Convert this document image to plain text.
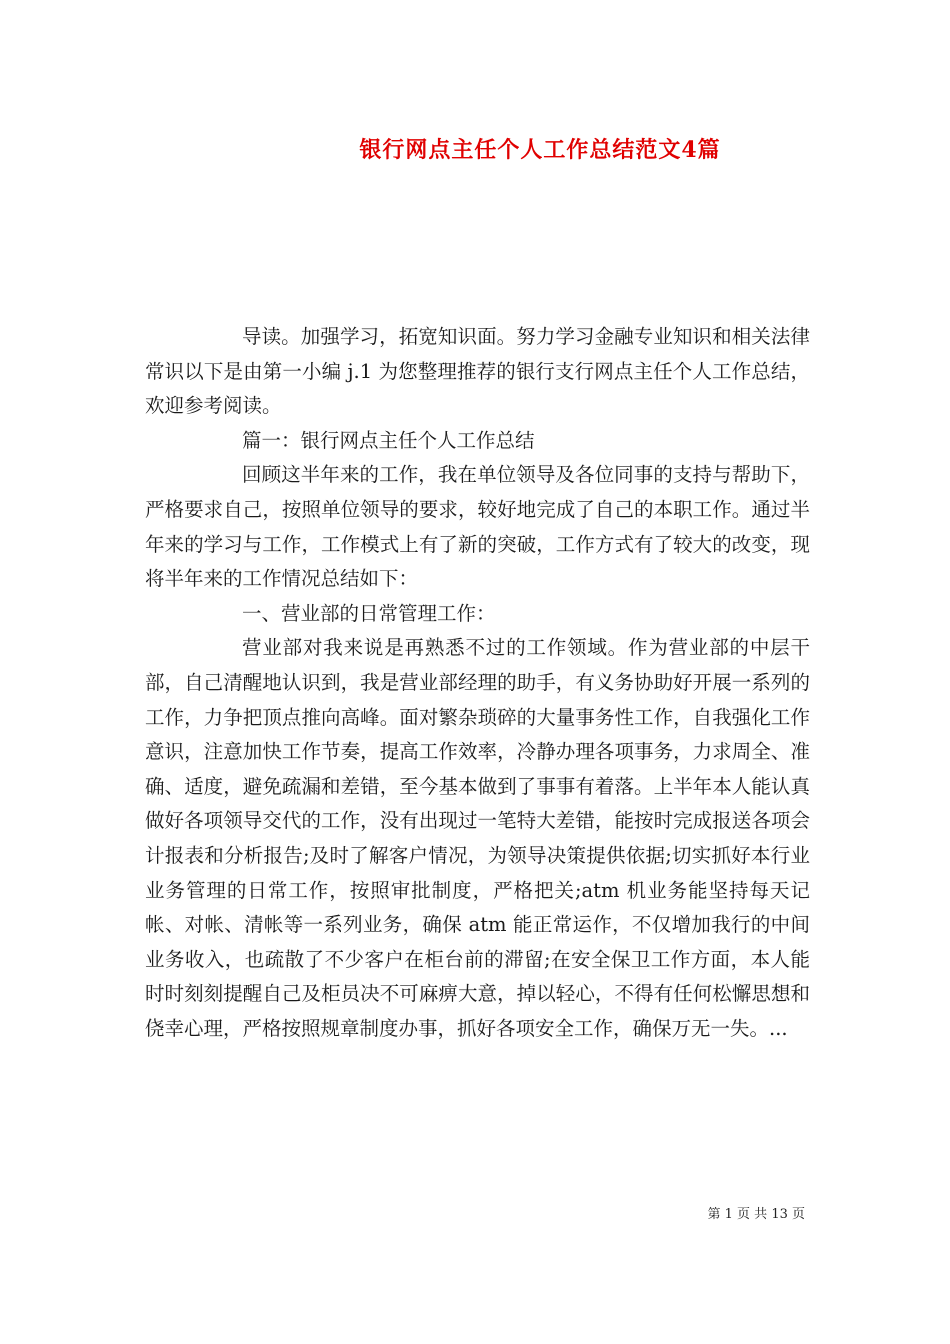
银行网点主任个人工作总结范文4篇

导读。加强学习，拓宽知识面。努力学习金融专业知识和相关法律常识以下是由第一小编 j.1 为您整理推荐的银行支行网点主任个人工作总结，欢迎参考阅读。

篇一：银行网点主任个人工作总结

回顾这半年来的工作，我在单位领导及各位同事的支持与帮助下，严格要求自己，按照单位领导的要求，较好地完成了自己的本职工作。通过半年来的学习与工作，工作模式上有了新的突破，工作方式有了较大的改变，现将半年来的工作情况总结如下：

一、营业部的日常管理工作：

营业部对我来说是再熟悉不过的工作领域。作为营业部的中层干部，自己清醒地认识到，我是营业部经理的助手，有义务协助好开展一系列的工作，力争把顶点推向高峰。面对繁杂琐碎的大量事务性工作，自我强化工作意识，注意加快工作节奏，提高工作效率，冷静办理各项事务，力求周全、准确、适度，避免疏漏和差错，至今基本做到了事事有着落。上半年本人能认真做好各项领导交代的工作，没有出现过一笔特大差错，能按时完成报送各项会计报表和分析报告;及时了解客户情况，为领导决策提供依据;切实抓好本行业业务管理的日常工作，按照审批制度，严格把关;atm 机业务能坚持每天记帐、对帐、清帐等一系列业务，确保 atm 能正常运作，不仅增加我行的中间业务收入，也疏散了不少客户在柜台前的滞留;在安全保卫工作方面，本人能时时刻刻提醒自己及柜员决不可麻痹大意，掉以轻心，不得有任何松懈思想和侥幸心理，严格按照规章制度办事，抓好各项安全工作，确保万无一失。...

第 1 页 共 13 页
